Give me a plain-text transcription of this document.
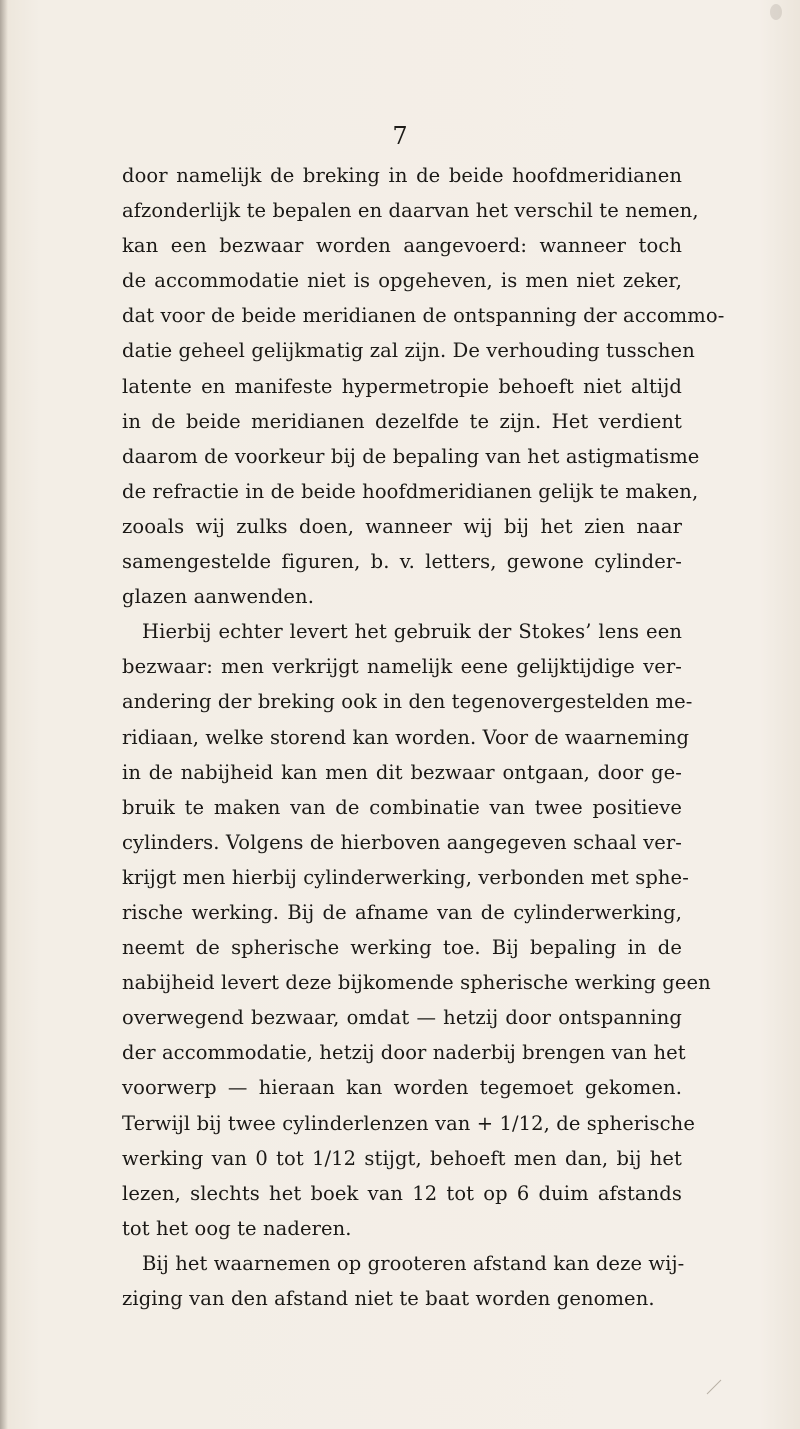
7
door namelijk de breking in de beide hoofdmeridianen
afzonderlijk te bepalen en daarvan het verschil te nemen,
kan een bezwaar worden aangevoerd: wanneer toch
de accommodatie niet is opgeheven, is men niet zeker,
dat voor de beide meridianen de ontspanning der accommo-
datie geheel gelijkmatig zal zijn. De verhouding tusschen
latente en manifeste hypermetropie behoeft niet altijd
in de beide meridianen dezelfde te zijn. Het verdient
daarom de voorkeur bij de bepaling van het astigmatisme
de refractie in de beide hoofdmeridianen gelijk te maken,
zooals wij zulks doen, wanneer wij bij het zien naar
samengestelde figuren, b. v. letters, gewone cylinder-
glazen aanwenden.
Hierbij echter levert het gebruik der Stokes’ lens een
bezwaar: men verkrijgt namelijk eene gelijktijdige ver-
andering der breking ook in den tegenovergestelden me-
ridiaan, welke storend kan worden. Voor de waarneming
in de nabijheid kan men dit bezwaar ontgaan, door ge-
bruik te maken van de combinatie van twee positieve
cylinders. Volgens de hierboven aangegeven schaal ver-
krijgt men hierbij cylinderwerking, verbonden met sphe-
rische werking. Bij de afname van de cylinderwerking,
neemt de spherische werking toe. Bij bepaling in de
nabijheid levert deze bijkomende spherische werking geen
overwegend bezwaar, omdat — hetzij door ontspanning
der accommodatie, hetzij door naderbij brengen van het
voorwerp — hieraan kan worden tegemoet gekomen.
Terwijl bij twee cylinderlenzen van + 1/12, de spherische
werking van 0 tot 1/12 stijgt, behoeft men dan, bij het
lezen, slechts het boek van 12 tot op 6 duim afstands
tot het oog te naderen.
Bij het waarnemen op grooteren afstand kan deze wij-
ziging van den afstand niet te baat worden genomen.
